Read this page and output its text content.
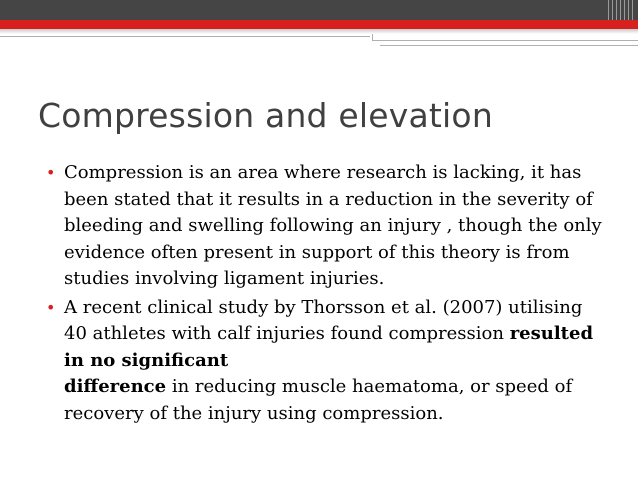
Compression and elevation
• Compression is an area where research is lacking, it has been stated that it results in a reduction in the severity of bleeding and swelling following an injury , though the only evidence often present in support of this theory is from studies involving ligament injuries.
• A recent clinical study by Thorsson et al. (2007) utilising 40 athletes with calf injuries found compression resulted in no significant
difference in reducing muscle haematoma, or speed of recovery of the injury using compression.
